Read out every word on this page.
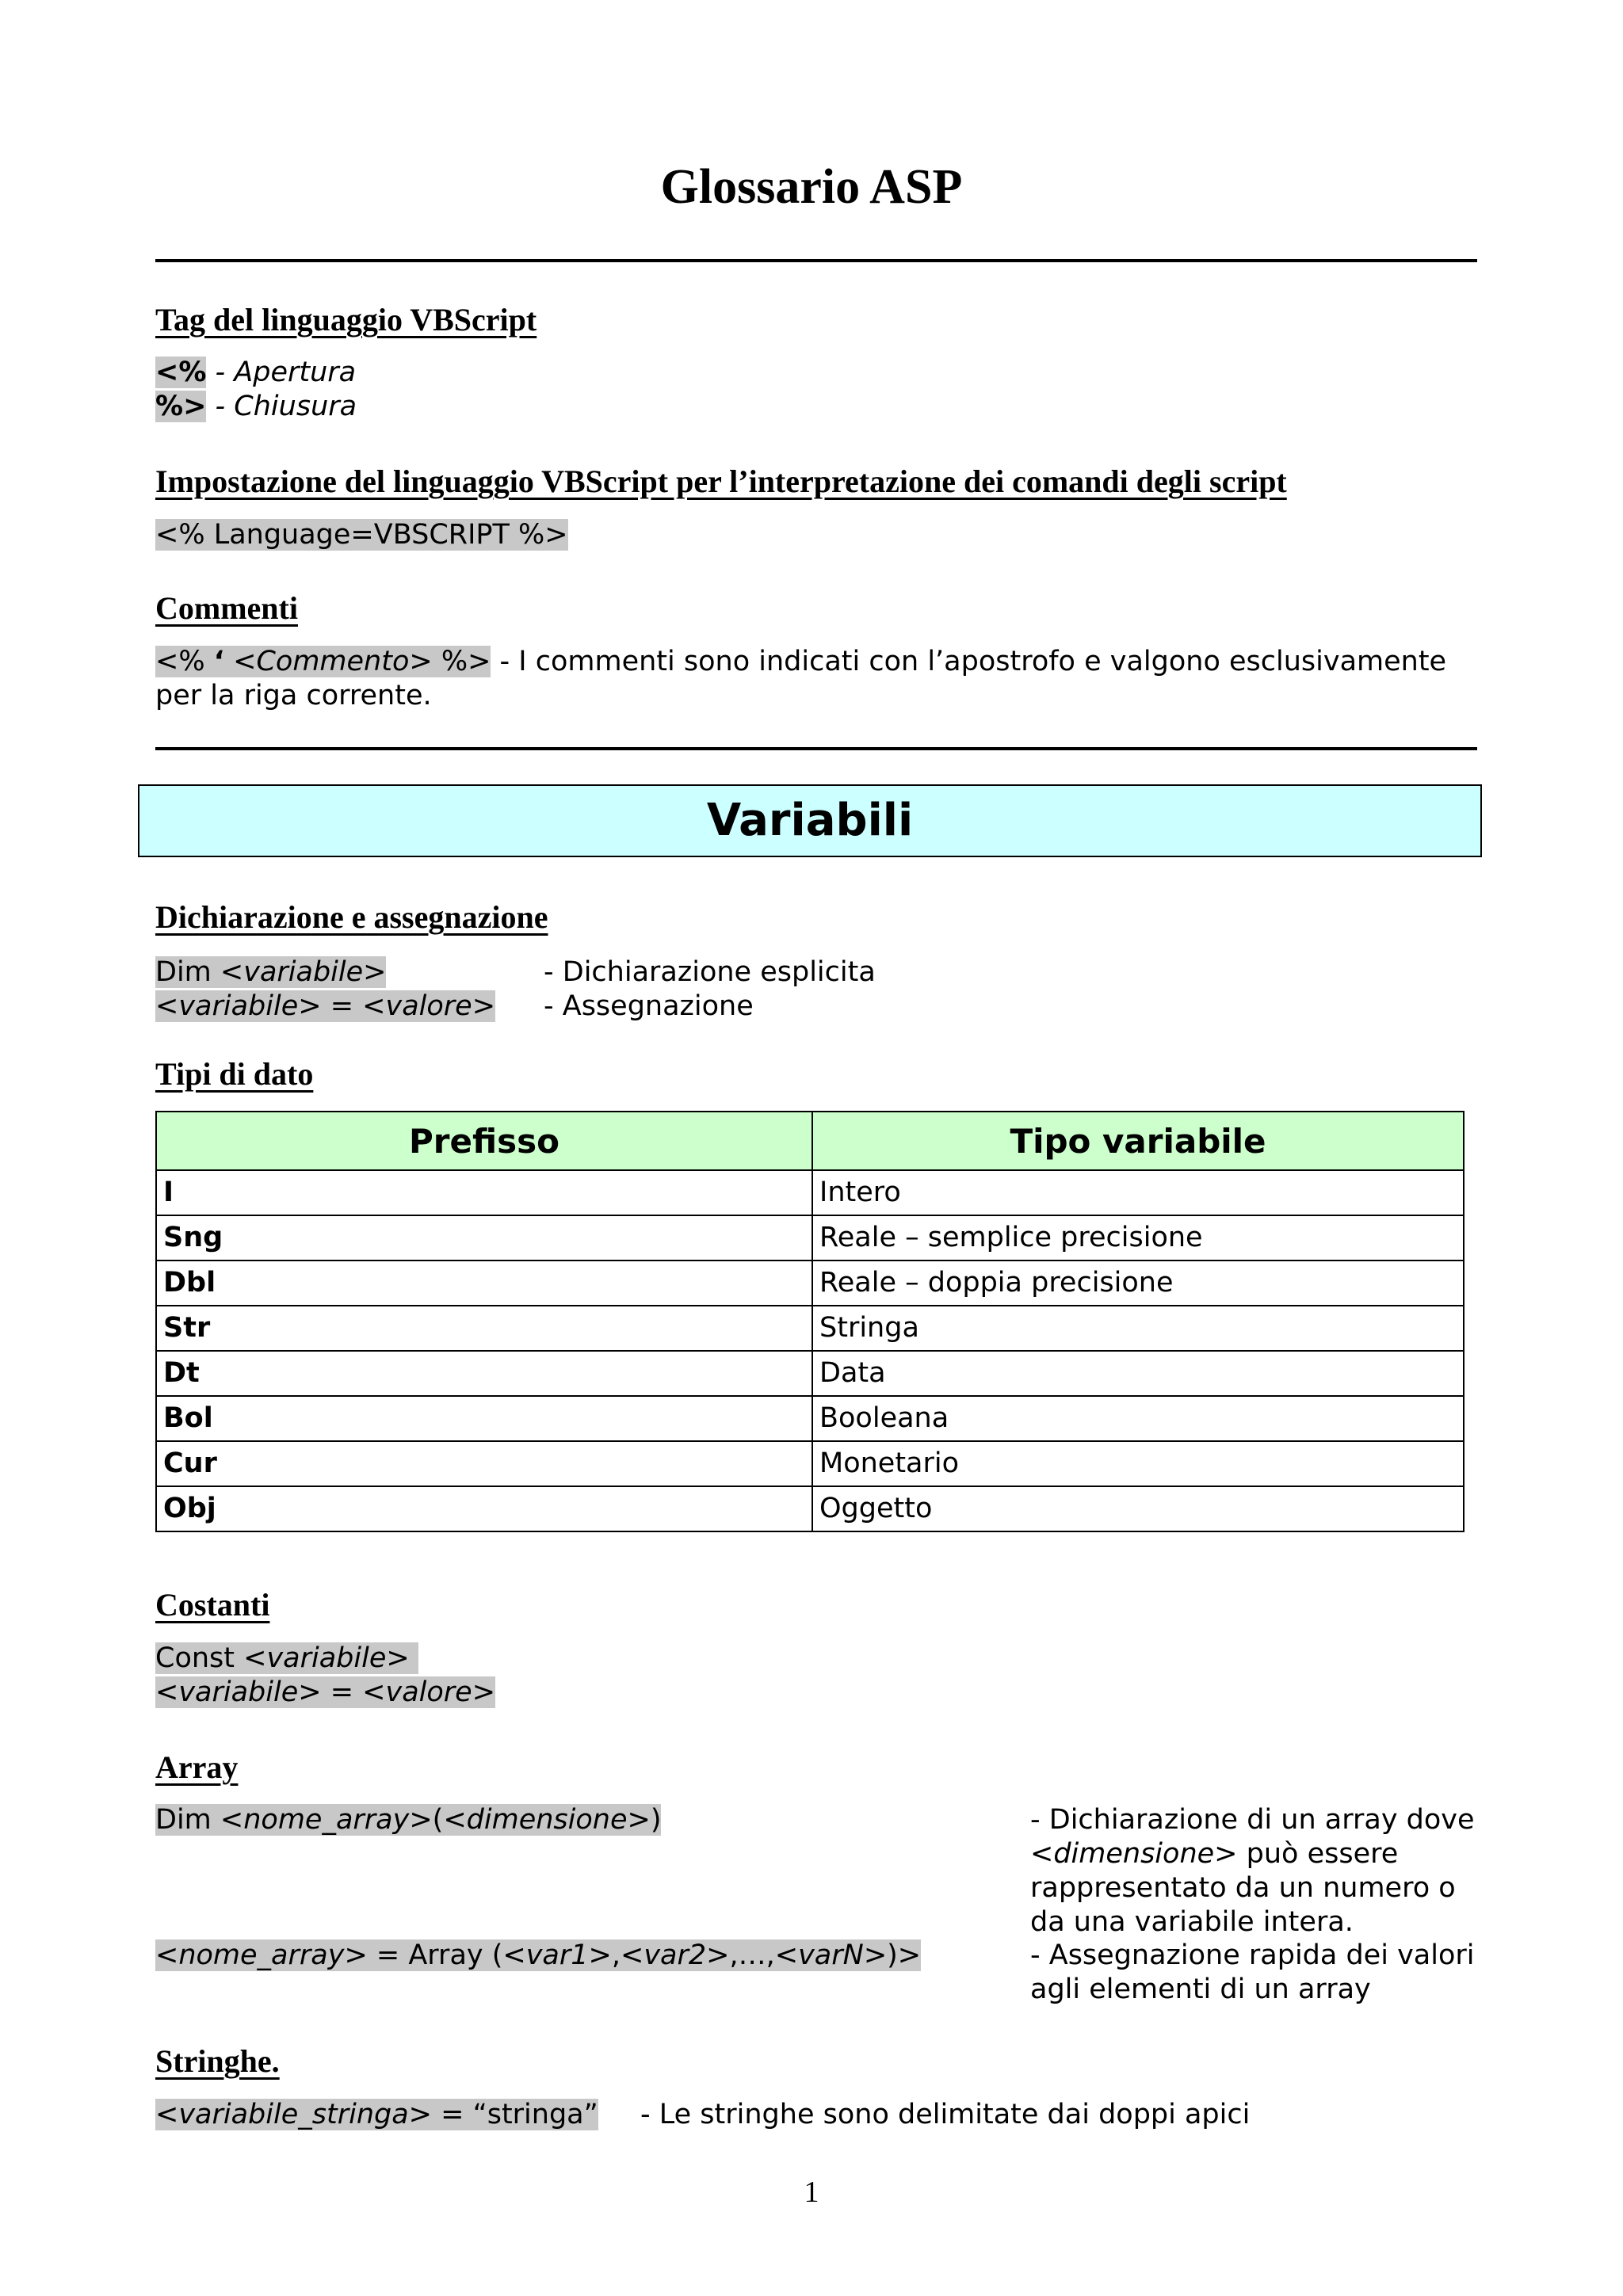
Glossario ASP
Tag del linguaggio VBScript
<% - Apertura
%> - Chiusura
Impostazione del linguaggio VBScript per l’interpretazione dei comandi degli script
<% Language=VBSCRIPT %>
Commenti
<% ‘ <Commento> %> - I commenti sono indicati con l’apostrofo e valgono esclusivamente
per la riga corrente.
Variabili
Dichiarazione e assegnazione
Dim <variabile>	- Dichiarazione esplicita
<variabile> = <valore> - Assegnazione
Tipi di dato
Prefisso	Tipo variabile
I	Intero
Sng	Reale – semplice precisione
Dbl	Reale – doppia precisione
Str	Stringa
Dt	Data
Bol	Booleana
Cur	Monetario
Obj	Oggetto
Costanti
Const <variabile>
<variabile> = <valore>
Array
Dim <nome_array>(<dimensione>)	- Dichiarazione di un array dove
<dimensione> può essere
rappresentato da un numero o
da una variabile intera.
<nome_array> = Array (<var1>,<var2>,…,<varN>)>	- Assegnazione rapida dei valori
agli elementi di un array
Stringhe.
<variabile_stringa> = “stringa” - Le stringhe sono delimitate dai doppi apici
1
